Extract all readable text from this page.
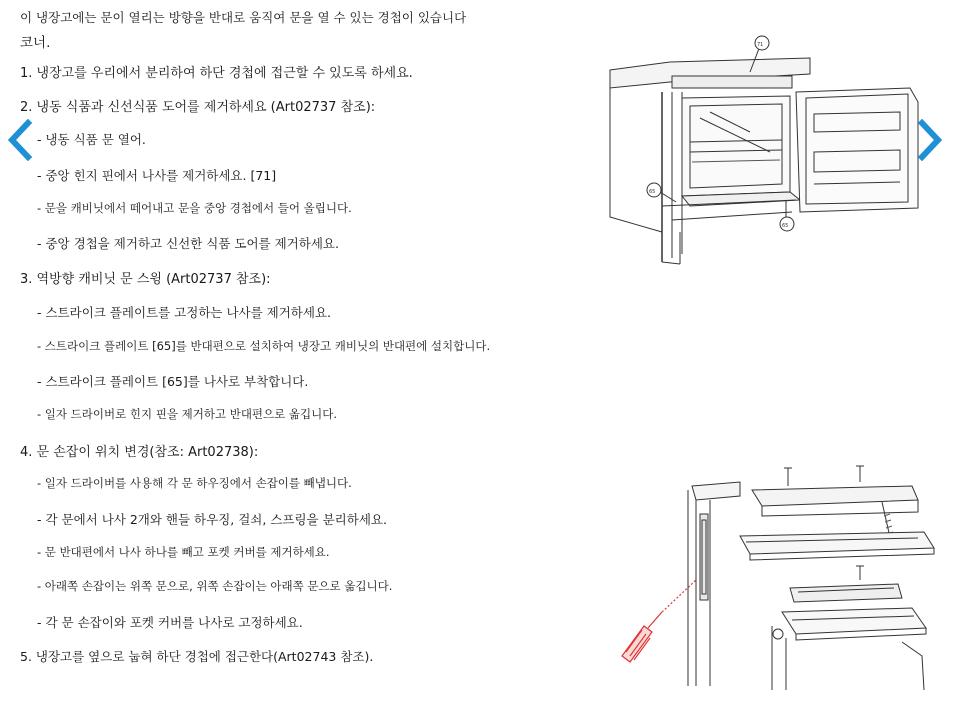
이 냉장고에는 문이 열리는 방향을 반대로 움직여 문을 열 수 있는 경첩이 있습니다
코너.
1. 냉장고를 우리에서 분리하여 하단 경첩에 접근할 수 있도록 하세요.
2. 냉동 식품과 신선식품 도어를 제거하세요 (Art02737 참조):
- 냉동 식품 문 열어.
- 중앙 힌지 핀에서 나사를 제거하세요. [71]
- 문을 캐비닛에서 떼어내고 문을 중앙 경첩에서 들어 올립니다.
- 중앙 경첩을 제거하고 신선한 식품 도어를 제거하세요.
3. 역방향 캐비닛 문 스윙 (Art02737 참조):
- 스트라이크 플레이트를 고정하는 나사를 제거하세요.
- 스트라이크 플레이트 [65]를 반대편으로 설치하여 냉장고 캐비닛의 반대편에 설치합니다.
- 스트라이크 플레이트 [65]를 나사로 부착합니다.
- 일자 드라이버로 힌지 핀을 제거하고 반대편으로 옮깁니다.
4. 문 손잡이 위치 변경(참조: Art02738):
- 일자 드라이버를 사용해 각 문 하우징에서 손잡이를 빼냅니다.
- 각 문에서 나사 2개와 핸들 하우징, 걸쇠, 스프링을 분리하세요.
- 문 반대편에서 나사 하나를 빼고 포켓 커버를 제거하세요.
- 아래쪽 손잡이는 위쪽 문으로, 위쪽 손잡이는 아래쪽 문으로 옮깁니다.
- 각 문 손잡이와 포켓 커버를 나사로 고정하세요.
5. 냉장고를 옆으로 눕혀 하단 경첩에 접근한다(Art02743 참조).
71
65
65
